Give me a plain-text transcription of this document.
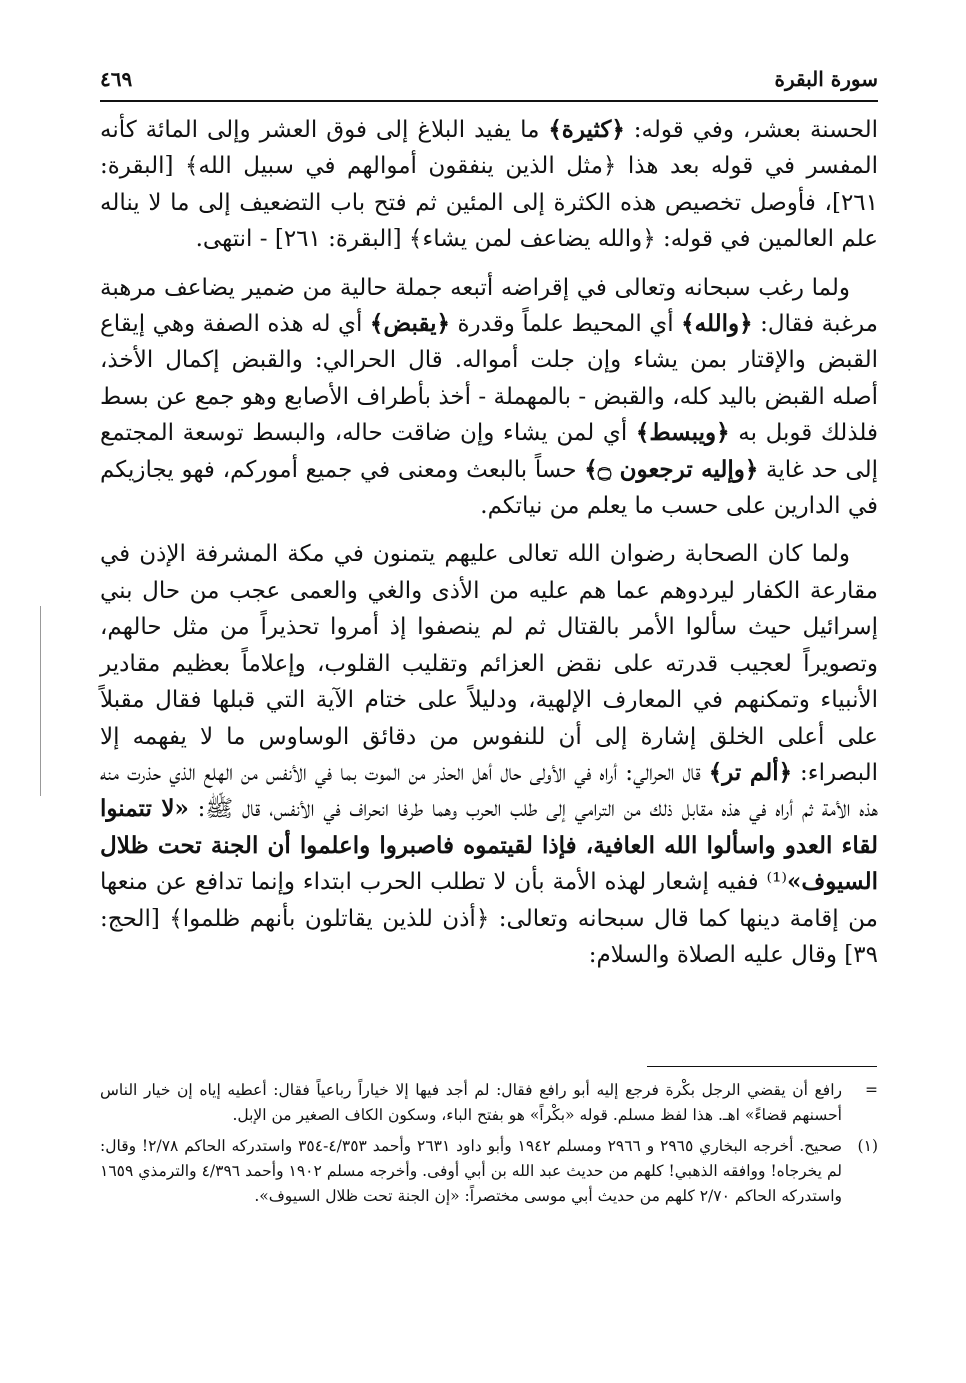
سورة البقرة
٤٦٩

الحسنة بعشر، وفي قوله: ﴿كثيرة﴾ ما يفيد البلاغ إلى فوق العشر وإلى المائة كأنه المفسر في قوله بعد هذا ﴿مثل الذين ينفقون أموالهم في سبيل الله﴾ [البقرة: ٢٦١]، فأوصل تخصيص هذه الكثرة إلى المئين ثم فتح باب التضعيف إلى ما لا يناله علم العالمين في قوله: ﴿والله يضاعف لمن يشاء﴾ [البقرة: ٢٦١] - انتهى.

ولما رغب سبحانه وتعالى في إقراضه أتبعه جملة حالية من ضمير يضاعف مرهبة مرغبة فقال: ﴿والله﴾ أي المحيط علماً وقدرة ﴿يقبض﴾ أي له هذه الصفة وهي إيقاع القبض والإقتار بمن يشاء وإن جلت أمواله. قال الحرالي: والقبض إكمال الأخذ، أصله القبض باليد كله، والقبض - بالمهملة - أخذ بأطراف الأصابع وهو جمع عن بسط فلذلك قوبل به ﴿ويبسط﴾ أي لمن يشاء وإن ضاقت حاله، والبسط توسعة المجتمع إلى حد غاية ﴿وإليه ترجعون ۝﴾ حساً بالبعث ومعنى في جميع أموركم، فهو يجازيكم في الدارين على حسب ما يعلم من نياتكم.

ولما كان الصحابة رضوان الله تعالى عليهم يتمنون في مكة المشرفة الإذن في مقارعة الكفار ليردوهم عما هم عليه من الأذى والغي والعمى عجب من حال بني إسرائيل حيث سألوا الأمر بالقتال ثم لم ينصفوا إذ أمروا تحذيراً من مثل حالهم، وتصويراً لعجيب قدرته على نقض العزائم وتقليب القلوب، وإعلاماً بعظيم مقادير الأنبياء وتمكنهم في المعارف الإلهية، ودليلاً على ختام الآية التي قبلها فقال مقبلاً على أعلى الخلق إشارة إلى أن للنفوس من دقائق الوساوس ما لا يفهمه إلا البصراء: ﴿ألم تر﴾ قال الحرالي: أراه في الأولى حال أهل الحذر من الموت بما في الأنفس من الهلع الذي حذرت منه هذه الأمة ثم أراه في هذه مقابل ذلك من الترامي إلى طلب الحرب وهما طرفا انحراف في الأنفس، قال ﷺ: «لا تتمنوا لقاء العدو واسألوا الله العافية، فإذا لقيتموه فاصبروا واعلموا أن الجنة تحت ظلال السيوف»⁽¹⁾ ففيه إشعار لهذه الأمة بأن لا تطلب الحرب ابتداء وإنما تدافع عن منعها من إقامة دينها كما قال سبحانه وتعالى: ﴿أذن للذين يقاتلون بأنهم ظلموا﴾ [الحج: ٣٩] وقال عليه الصلاة والسلام:

=
رافع أن يقضي الرجل بكْرة فرجع إليه أبو رافع فقال: لم أجد فيها إلا خياراً رباعياً فقال: أعطيه إياه إن خيار الناس أحسنهم قضاءً» اهـ. هذا لفظ مسلم. قوله «بكْراً» هو بفتح الباء، وسكون الكاف الصغير من الإبل.
(١)
صحيح. أخرجه البخاري ٢٩٦٥ و ٢٩٦٦ ومسلم ١٩٤٢ وأبو داود ٢٦٣١ وأحمد ٤/٣٥٣-٣٥٤ واستدركه الحاكم ٢/٧٨! وقال: لم يخرجاه! ووافقه الذهبي! كلهم من حديث عبد الله بن أبي أوفى. وأخرجه مسلم ١٩٠٢ وأحمد ٤/٣٩٦ والترمذي ١٦٥٩ واستدركه الحاكم ٢/٧٠ كلهم من حديث أبي موسى مختصراً: «إن الجنة تحت ظلال السيوف».
